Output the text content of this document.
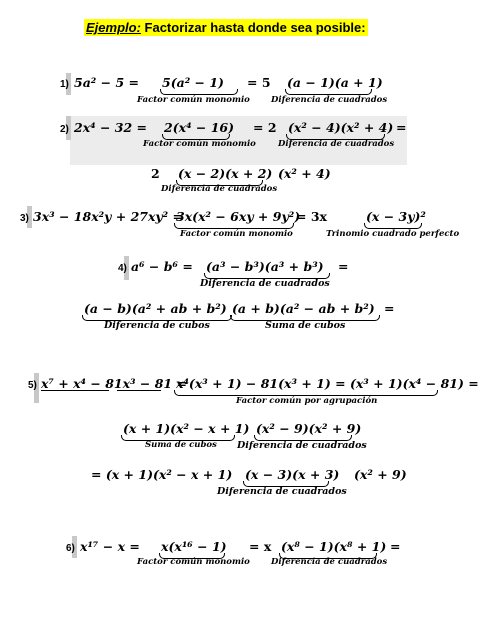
Ejemplo: Factorizar hasta donde sea posible:
1) 5a² − 5 = 5(a² − 1)
Factor común monomio
= 5 (a − 1)(a + 1)
Diferencia de cuadrados
2) 2x⁴ − 32 = 2(x⁴ − 16)
Factor común monomio
= 2 (x² − 4)(x² + 4)
Diferencia de cuadrados
=
2 (x − 2)(x + 2)
Diferencia de cuadrados
(x² + 4)
3) 3x³ − 18x²y + 27xy² =
3x(x² − 6xy + 9y²)
Factor común monomio
= 3x	(x − 3y)²
Trinomio cuadrado perfecto
4) a⁶ − b⁶ = (a³ − b³)(a³ + b³)
Diferencia de cuadrados
=
(a − b)(a² + ab + b²)
Diferencia de cubos
(a + b)(a² − ab + b²)
Suma de cubos
=
5) x⁷ + x⁴ − 81x³ − 81 =
x⁴(x³ + 1) − 81(x³ + 1) = (x³ + 1)(x⁴ − 81) =
Factor común por agrupación
(x + 1)(x² − x + 1)
Suma de cubos
(x² − 9)(x² + 9)
Diferencia de cuadrados
= (x + 1)(x² − x + 1) (x − 3)(x + 3)
Diferencia de cuadrados
(x² + 9)
6) x¹⁷ − x = x(x¹⁶ − 1)
Factor común monomio
= x (x⁸ − 1)(x⁸ + 1)
Diferencia de cuadrados
=
